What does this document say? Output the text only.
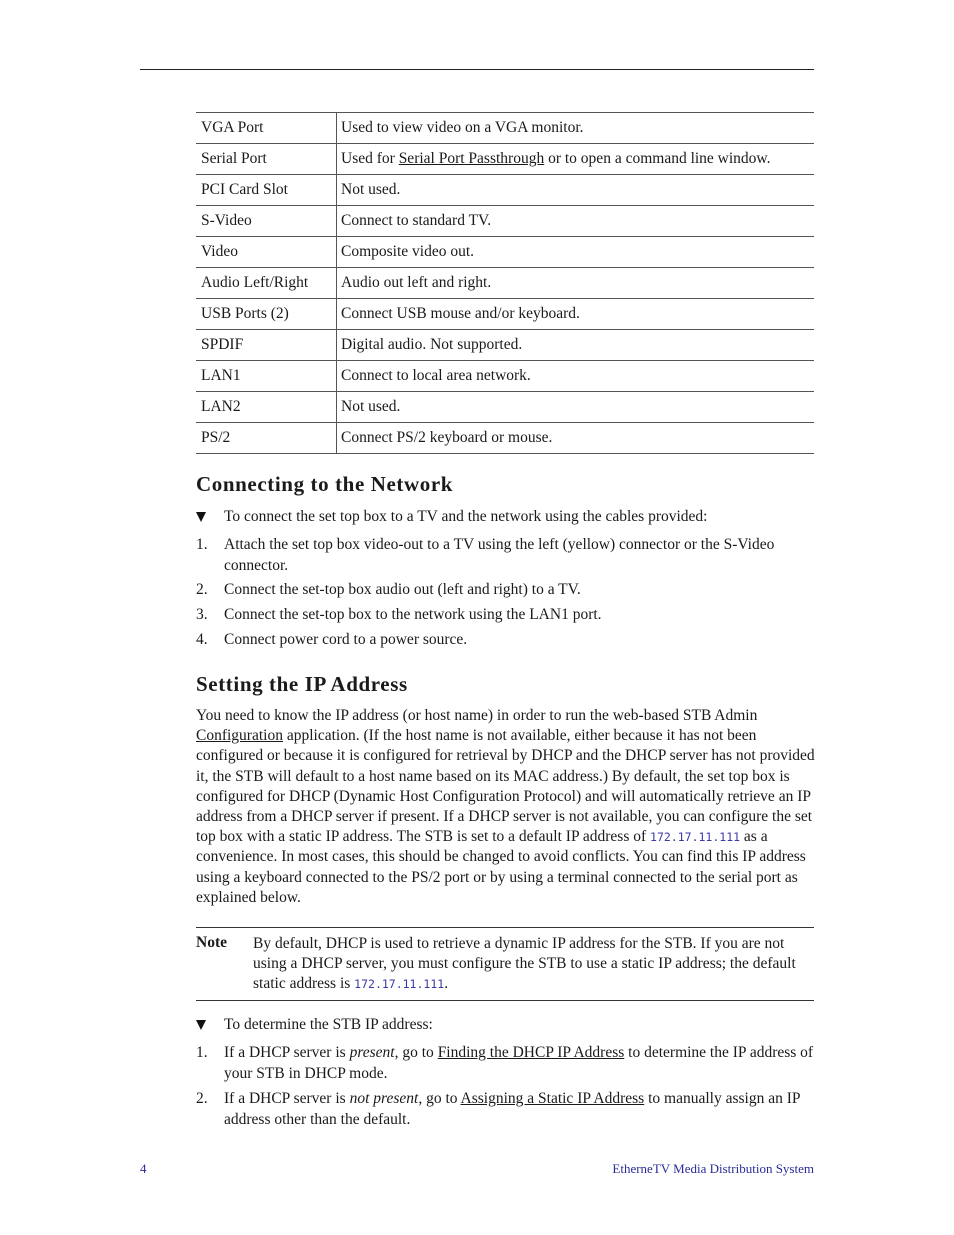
VGA Port	Used to view video on a VGA monitor.
Serial Port	Used for Serial Port Passthrough or to open a command line window.
PCI Card Slot	Not used.
S-Video	Connect to standard TV.
Video	Composite video out.
Audio Left/Right	Audio out left and right.
USB Ports (2)	Connect USB mouse and/or keyboard.
SPDIF	Digital audio. Not supported.
LAN1	Connect to local area network.
LAN2	Not used.
PS/2	Connect PS/2 keyboard or mouse.
Connecting to the Network
To connect the set top box to a TV and the network using the cables provided:
1. Attach the set top box video-out to a TV using the left (yellow) connector or the S-Video connector.
2. Connect the set-top box audio out (left and right) to a TV.
3. Connect the set-top box to the network using the LAN1 port.
4. Connect power cord to a power source.
Setting the IP Address

You need to know the IP address (or host name) in order to run the web-based STB Admin Configuration application. (If the host name is not available, either because it has not been configured or because it is configured for retrieval by DHCP and the DHCP server has not provided it, the STB will default to a host name based on its MAC address.) By default, the set top box is configured for DHCP (Dynamic Host Configuration Protocol) and will automatically retrieve an IP address from a DHCP server if present. If a DHCP server is not available, you can configure the set top box with a static IP address. The STB is set to a default IP address of 172.17.11.111 as a convenience. In most cases, this should be changed to avoid conflicts. You can find this IP address using a keyboard connected to the PS/2 port or by using a terminal connected to the serial port as explained below.

Note By default, DHCP is used to retrieve a dynamic IP address for the STB. If you are not using a DHCP server, you must configure the STB to use a static IP address; the default static address is 172.17.11.111.
To determine the STB IP address:
1. If a DHCP server is present, go to Finding the DHCP IP Address to determine the IP address of your STB in DHCP mode.
2. If a DHCP server is not present, go to Assigning a Static IP Address to manually assign an IP address other than the default.
4	EtherneTV Media Distribution System
